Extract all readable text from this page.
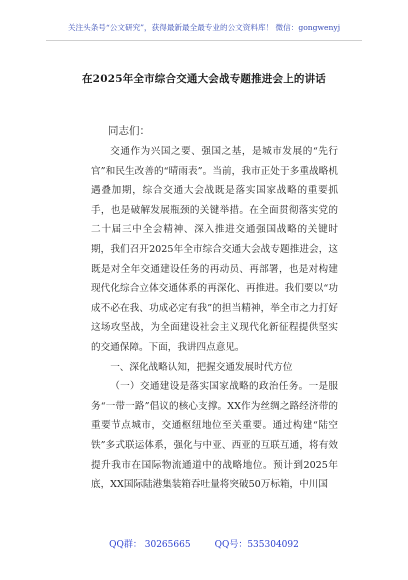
关注头条号“公文研究”，获得最新最全最专业的公文资料库！ 微信：gongwenyj
在2025年全市综合交通大会战专题推进会上的讲话
同志们：

交通作为兴国之要、强国之基，是城市发展的“先行官”和民生改善的“晴雨表”。当前，我市正处于多重战略机遇叠加期，综合交通大会战既是落实国家战略的重要抓手，也是破解发展瓶颈的关键举措。在全面贯彻落实党的二十届三中全会精神、深入推进交通强国战略的关键时期，我们召开2025年全市综合交通大会战专题推进会，这既是对全年交通建设任务的再动员、再部署，也是对构建现代化综合立体交通体系的再深化、再推进。我们要以“功成不必在我、功成必定有我”的担当精神，举全市之力打好这场攻坚战，为全面建设社会主义现代化新征程提供坚实的交通保障。下面，我讲四点意见。

一、深化战略认知，把握交通发展时代方位

（一）交通建设是落实国家战略的政治任务。一是服务“一带一路”倡议的核心支撑。XX作为丝绸之路经济带的重要节点城市，交通枢纽地位至关重要。通过构建“陆空铁”多式联运体系，强化与中亚、西亚的互联互通，将有效提升我市在国际物流通道中的战略地位。预计到2025年底，XX国际陆港集装箱吞吐量将突破50万标箱，中川国

QQ群： 30265665	QQ号：535304092
